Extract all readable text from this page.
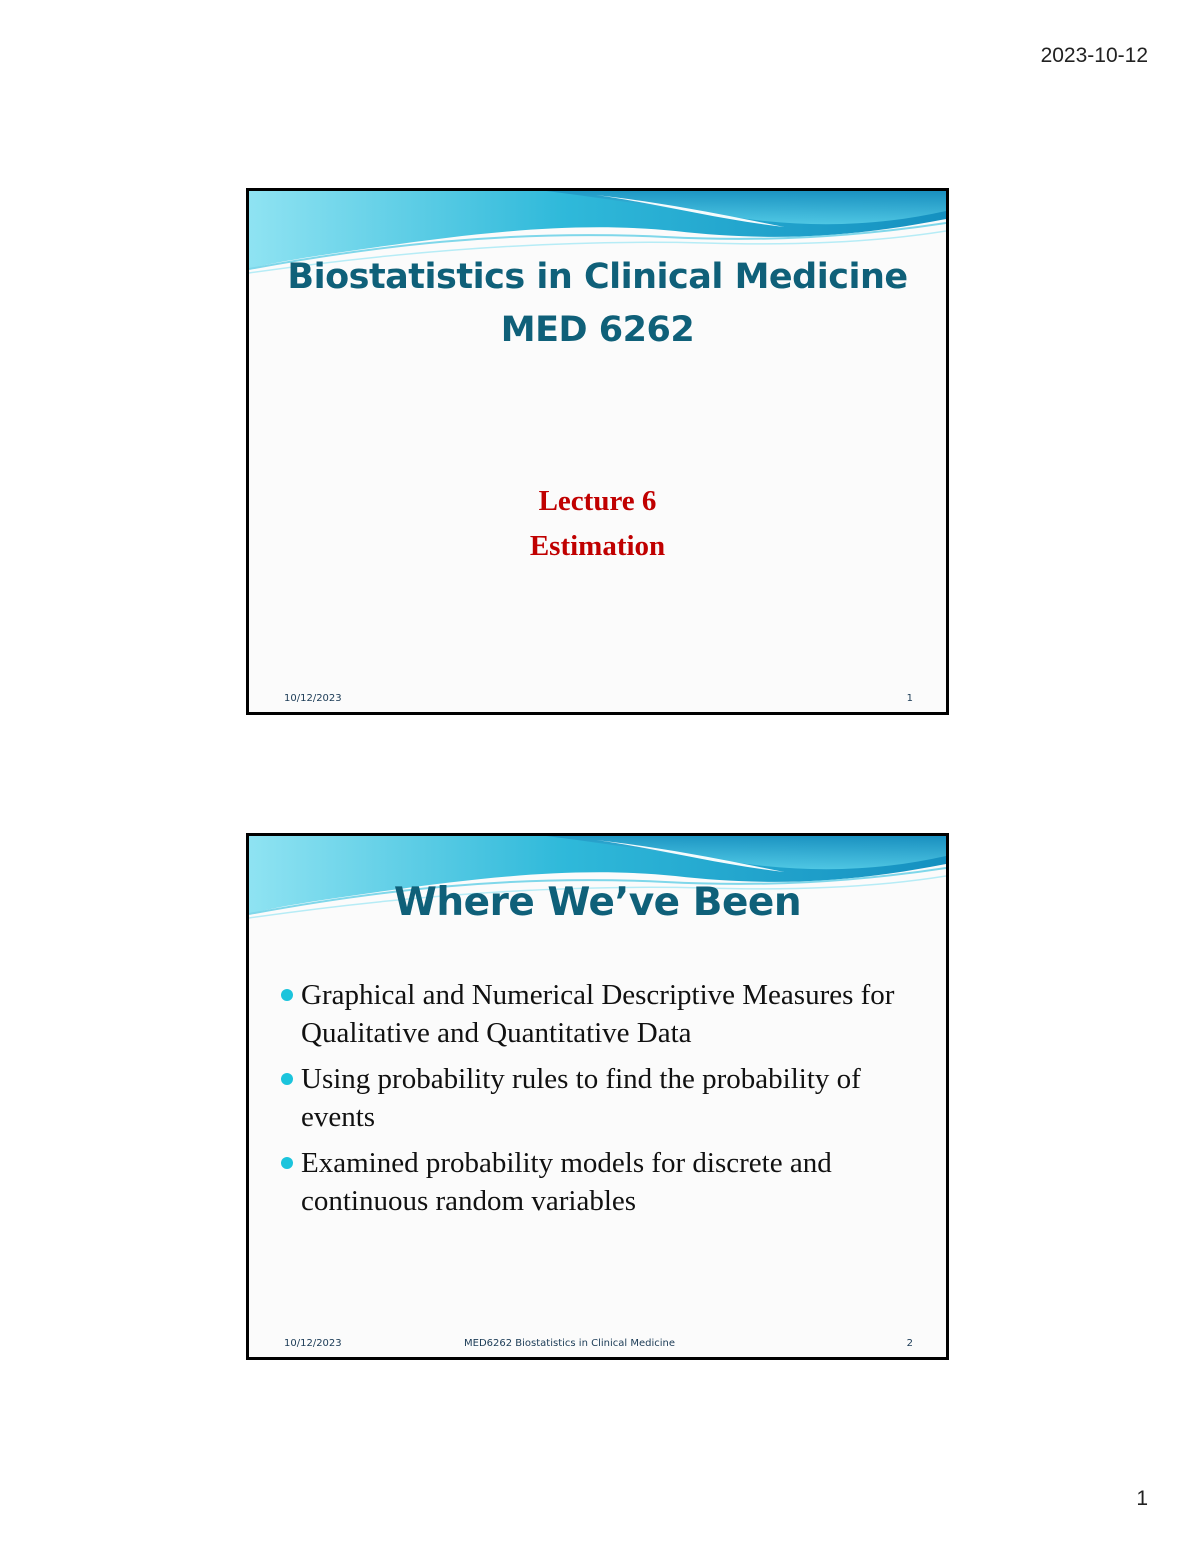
2023-10-12
Biostatistics in Clinical Medicine
MED 6262
Lecture 6
Estimation
10/12/2023	1
Where We’ve Been
Graphical and Numerical Descriptive Measures for Qualitative and Quantitative Data
Using probability rules to find the probability of events
Examined probability models for discrete and continuous random variables
10/12/2023	MED6262 Biostatistics in Clinical Medicine	2
1
